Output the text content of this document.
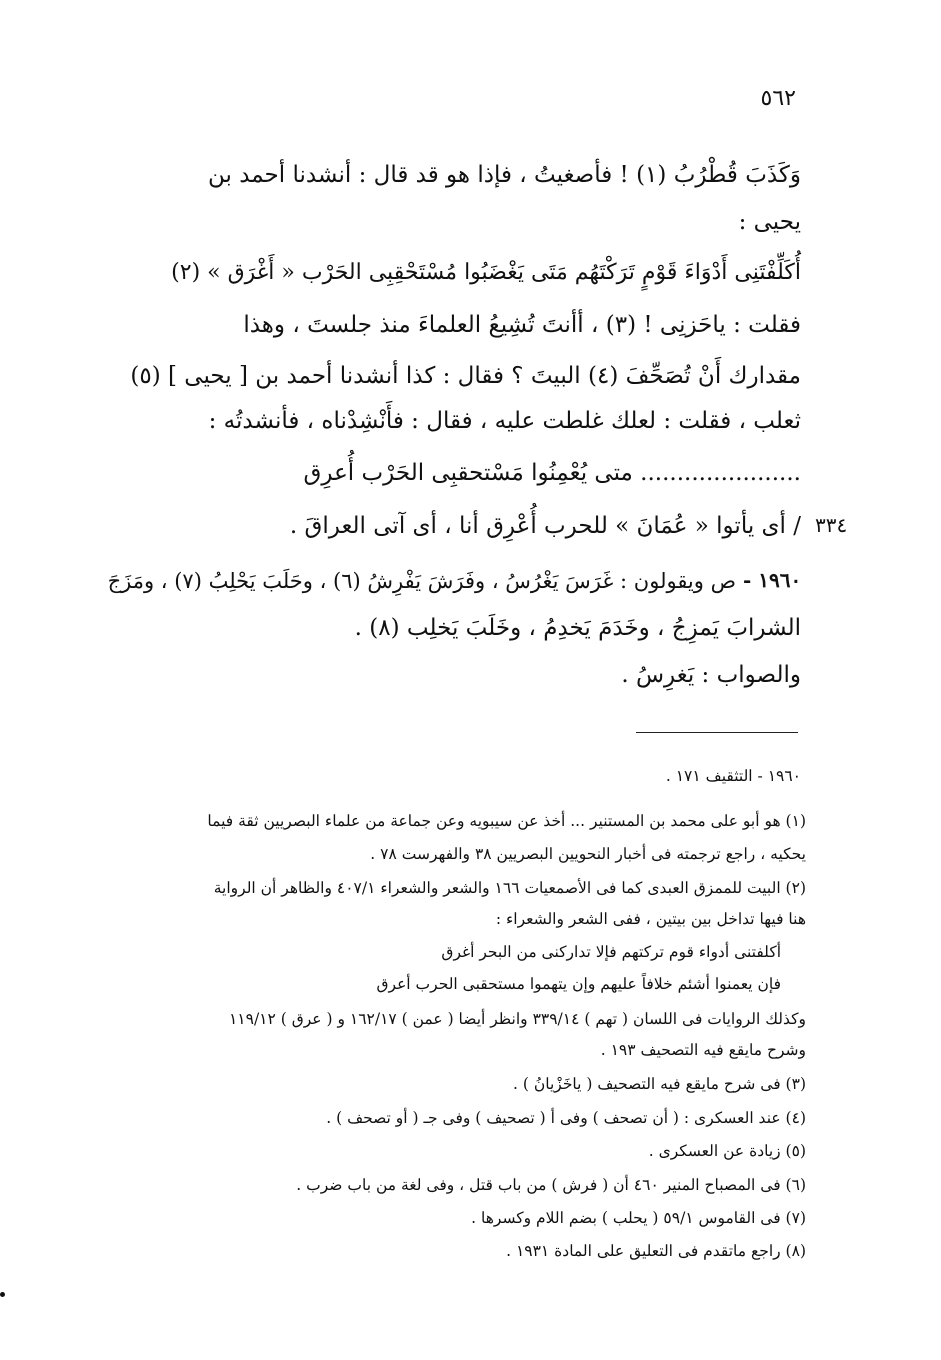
٥٦٢
وَكَذَبَ قُطْرُبُ (١) ! فأصغيتُ ، فإذا هو قد قال : أنشدنا أحمد بن
يحيى :
أُكَلِّفْتَنِى أَدْوَاءَ قَوْمٍ تَرَكْتَهُم مَتَى يَغْضَبُوا مُسْتَحْقِبِى الحَرْب « أَغْرَق » (٢)
فقلت : ياحَزنِى ! (٣) ، أأنتَ تُشِيعُ العلماءَ منذ جلستَ ، وهذا
مقدارك أَنْ تُصَحِّفَ (٤) البيتَ ؟ فقال : كذا أنشدنا أحمد بن [ يحيى ] (٥)
ثعلب ، فقلت : لعلك غلطت عليه ، فقال : فأَنْشِدْناه ، فأنشدتُه :
...................... متى يُعْمِنُوا مَسْتحقبِى الحَرْب أُعرِق
/ أى يأتوا « عُمَانَ » للحرب أُعْرِق أنا ، أى آتى العراقَ . ٣٣٤
١٩٦٠ -
ص ويقولون : غَرَسَ يَغْرُسُ ، وفَرَشَ يَفْرِشُ (٦) ، وحَلَبَ يَحْلِبُ (٧) ، ومَزَجَ
الشرابَ يَمزِجُ ، وخَدَمَ يَخدِمُ ، وخَلَبَ يَخلِب (٨) .
والصواب : يَغرِسُ .
١٩٦٠ - التثقيف ١٧١ .
(١) هو أبو على محمد بن المستنير ... أخذ عن سيبويه وعن جماعة من علماء البصريين ثقة فيما
يحكيه ، راجع ترجمته فى أخبار النحويين البصريين ٣٨ والفهرست ٧٨ .
(٢) البيت للممزق العبدى كما فى الأصمعيات ١٦٦ والشعر والشعراء ٤٠٧/١ والظاهر أن الرواية
هنا فيها تداخل بين بيتين ، ففى الشعر والشعراء :
أكلفتنى أدواء قوم تركتهم فإلا تداركنى من البحر أغرق
فإن يعمنوا أشئم خلافاً عليهم وإن يتهموا مستحقبى الحرب أعرق
وكذلك الروايات فى اللسان ( تهم ) ٣٣٩/١٤ وانظر أيضا ( عمن ) ١٦٢/١٧ و ( عرق ) ١١٩/١٢
وشرح مايقع فيه التصحيف ١٩٣ .
(٣) فى شرح مايقع فيه التصحيف ( ياخَزْيانُ ) .
(٤) عند العسكرى : ( أن تصحف ) وفى أ ( تصحيف ) وفى جـ ( أو تصحف ) .
(٥) زيادة عن العسكرى .
(٦) فى المصباح المنير ٤٦٠ أن ( فرش ) من باب قتل ، وفى لغة من باب ضرب .
(٧) فى القاموس ٥٩/١ ( يحلب ) بضم اللام وكسرها .
(٨) راجع ماتقدم فى التعليق على المادة ١٩٣١ .
